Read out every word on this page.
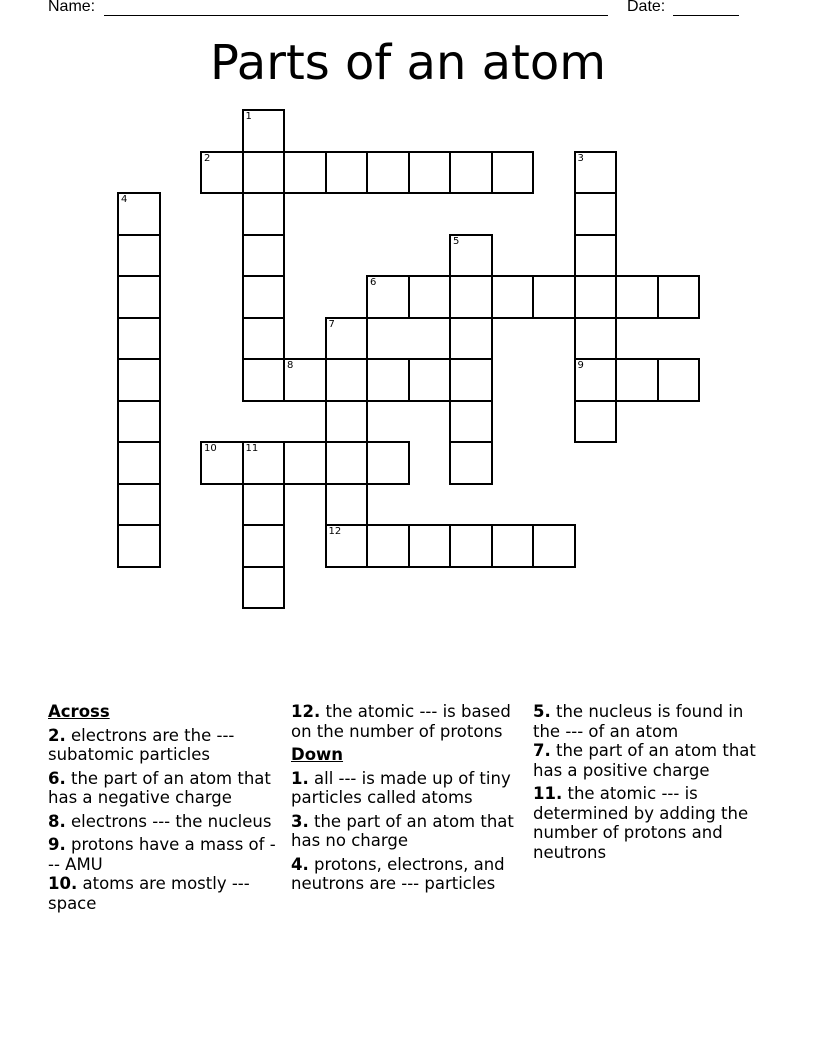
Name:	Date:
Parts of an atom
1
2	3
9
4
5
6
7
12
8
10	11
Across
2. electrons are the --- subatomic particles
6. the part of an atom that has a negative charge
8. electrons --- the nucleus
9. protons have a mass of --- AMU
10. atoms are mostly --- space
12. the atomic --- is based on the number of protons
Down
1. all --- is made up of tiny particles called atoms
3. the part of an atom that has no charge
4. protons, electrons, and neutrons are --- particles
5. the nucleus is found in the --- of an atom
7. the part of an atom that has a positive charge
11. the atomic --- is determined by adding the number of protons and neutrons
